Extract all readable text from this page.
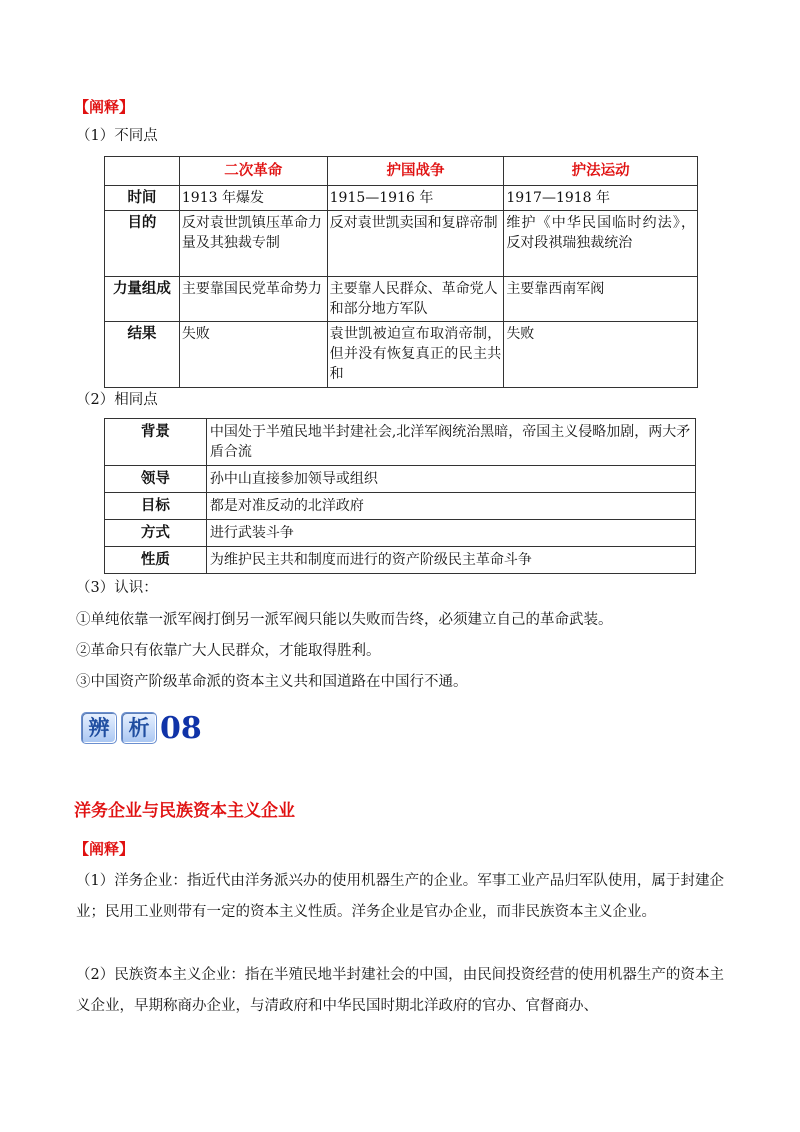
【阐释】
（1）不同点
	二次革命	护国战争	护法运动
时间	1913 年爆发	1915—1916 年	1917—1918 年
目的	反对袁世凯镇压革命力量及其独裁专制	反对袁世凯卖国和复辟帝制	维护《中华民国临时约法》，反对段祺瑞独裁统治
力量组成	主要靠国民党革命势力	主要靠人民群众、革命党人和部分地方军队	主要靠西南军阀
结果	失败	袁世凯被迫宣布取消帝制，但并没有恢复真正的民主共和	失败
（2）相同点
背景	中国处于半殖民地半封建社会,北洋军阀统治黑暗，帝国主义侵略加剧，两大矛盾合流
领导	孙中山直接参加领导或组织
目标	都是对准反动的北洋政府
方式	进行武装斗争
性质	为维护民主共和制度而进行的资产阶级民主革命斗争
（3）认识：
①单纯依靠一派军阀打倒另一派军阀只能以失败而告终，必须建立自己的革命武装。
②革命只有依靠广大人民群众，才能取得胜利。
③中国资产阶级革命派的资本主义共和国道路在中国行不通。
辨 析 08
洋务企业与民族资本主义企业
【阐释】
（1）洋务企业：指近代由洋务派兴办的使用机器生产的企业。军事工业产品归军队使用，属于封建企业；民用工业则带有一定的资本主义性质。洋务企业是官办企业，而非民族资本主义企业。
（2）民族资本主义企业：指在半殖民地半封建社会的中国，由民间投资经营的使用机器生产的资本主义企业，早期称商办企业，与清政府和中华民国时期北洋政府的官办、官督商办、
